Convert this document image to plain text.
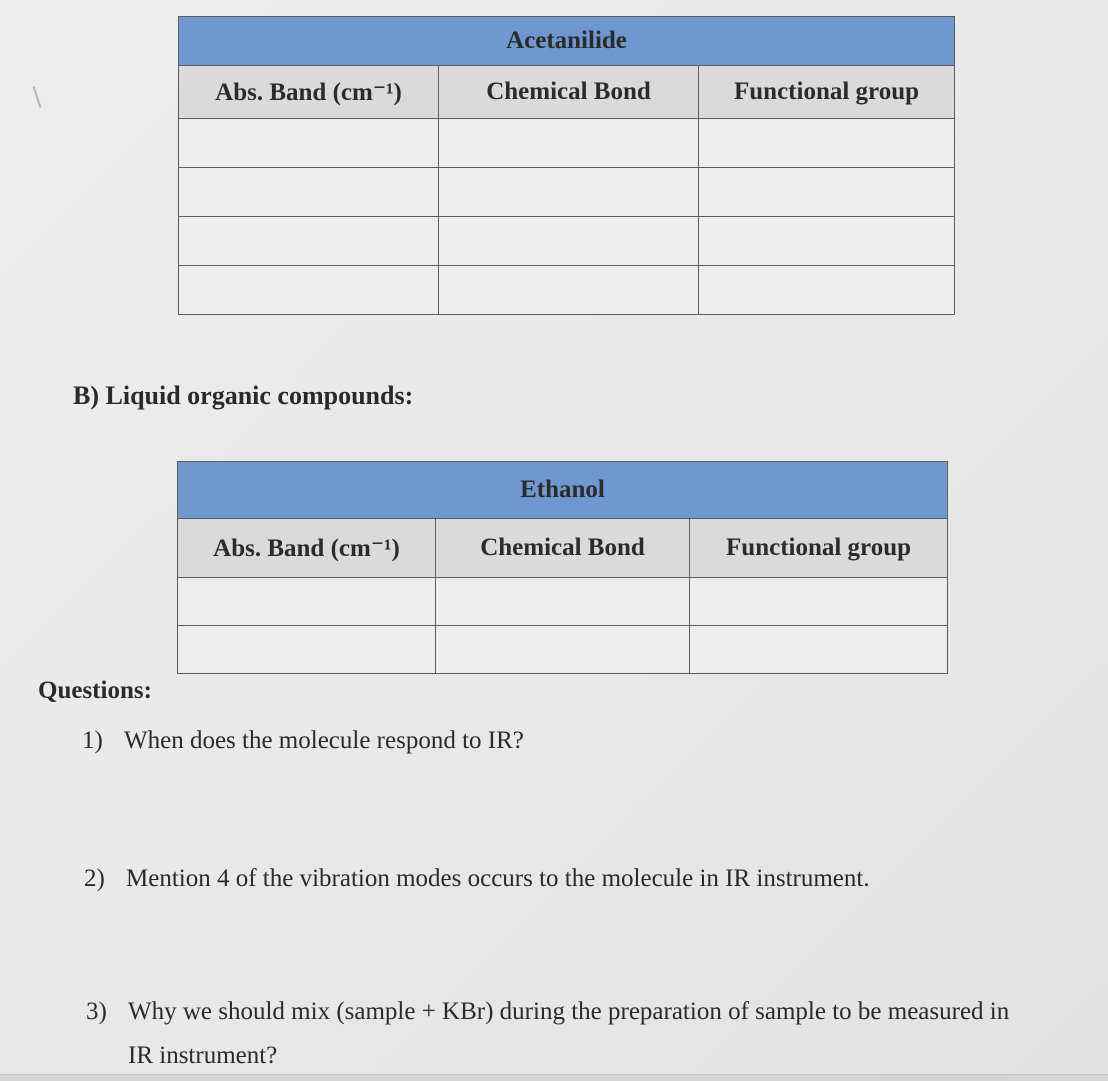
Acetanilide		
Abs. Band (cm⁻¹)	Chemical Bond	Functional group

B) Liquid organic compounds:
Ethanol		
Abs. Band (cm⁻¹)	Chemical Bond	Functional group

Questions:
1) When does the molecule respond to IR?
2) Mention 4 of the vibration modes occurs to the molecule in IR instrument.
3) Why we should mix (sample + KBr) during the preparation of sample to be measured in
IR instrument?
